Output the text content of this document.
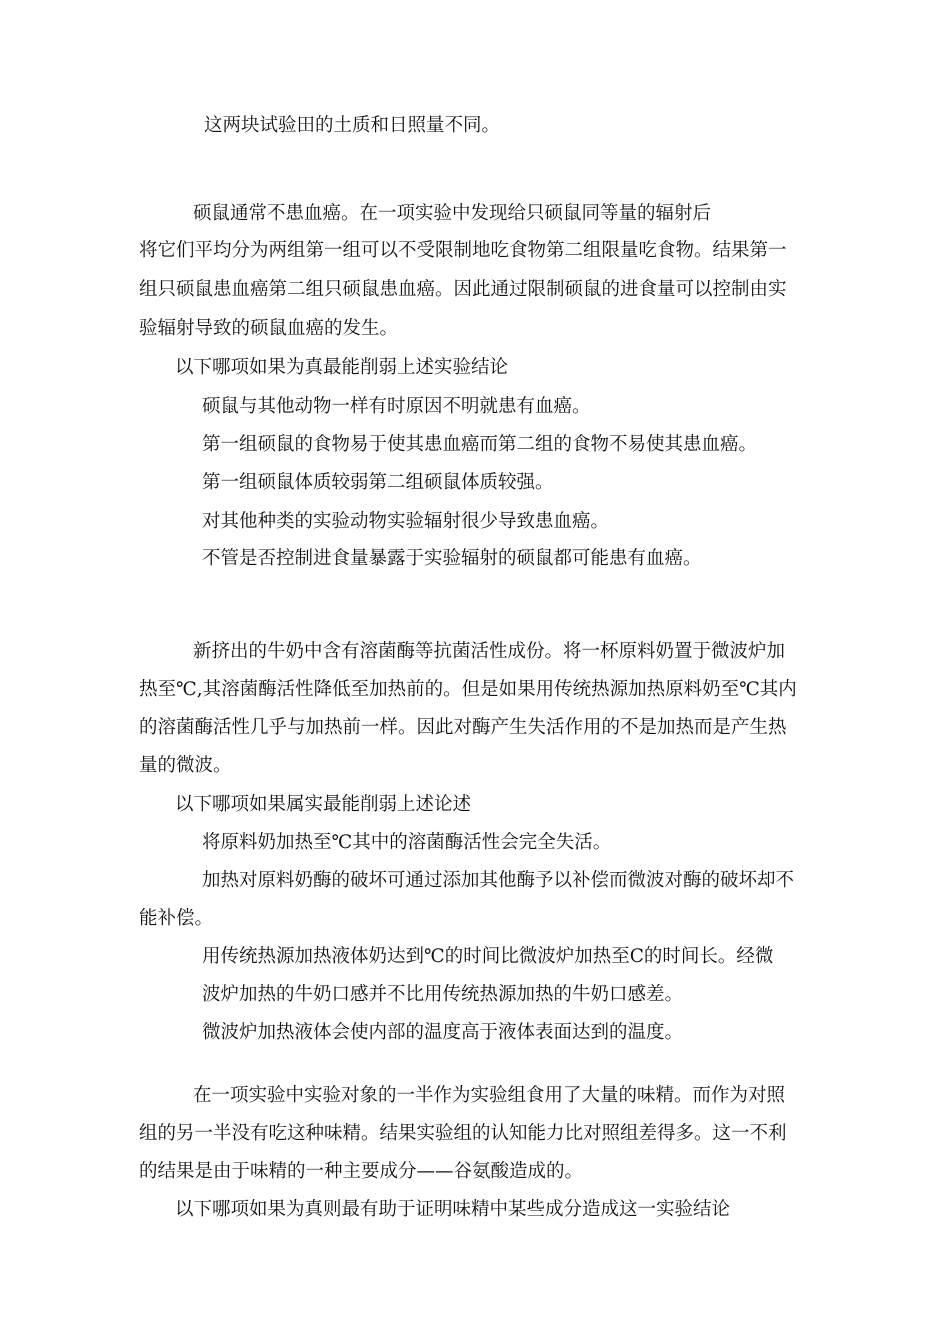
这两块试验田的土质和日照量不同。
硕鼠通常不患血癌。在一项实验中发现给只硕鼠同等量的辐射后
将它们平均分为两组第一组可以不受限制地吃食物第二组限量吃食物。结果第一
组只硕鼠患血癌第二组只硕鼠患血癌。因此通过限制硕鼠的进食量可以控制由实
验辐射导致的硕鼠血癌的发生。
以下哪项如果为真最能削弱上述实验结论
硕鼠与其他动物一样有时原因不明就患有血癌。
第一组硕鼠的食物易于使其患血癌而第二组的食物不易使其患血癌。
第一组硕鼠体质较弱第二组硕鼠体质较强。
对其他种类的实验动物实验辐射很少导致患血癌。
不管是否控制进食量暴露于实验辐射的硕鼠都可能患有血癌。
新挤出的牛奶中含有溶菌酶等抗菌活性成份。将一杯原料奶置于微波炉加
热至℃,其溶菌酶活性降低至加热前的。但是如果用传统热源加热原料奶至℃其内
的溶菌酶活性几乎与加热前一样。因此对酶产生失活作用的不是加热而是产生热
量的微波。
以下哪项如果属实最能削弱上述论述
将原料奶加热至℃其中的溶菌酶活性会完全失活。
加热对原料奶酶的破坏可通过添加其他酶予以补偿而微波对酶的破坏却不
能补偿。
用传统热源加热液体奶达到℃的时间比微波炉加热至C的时间长。经微
波炉加热的牛奶口感并不比用传统热源加热的牛奶口感差。
微波炉加热液体会使内部的温度高于液体表面达到的温度。
在一项实验中实验对象的一半作为实验组食用了大量的味精。而作为对照
组的另一半没有吃这种味精。结果实验组的认知能力比对照组差得多。这一不利
的结果是由于味精的一种主要成分——谷氨酸造成的。
以下哪项如果为真则最有助于证明味精中某些成分造成这一实验结论
